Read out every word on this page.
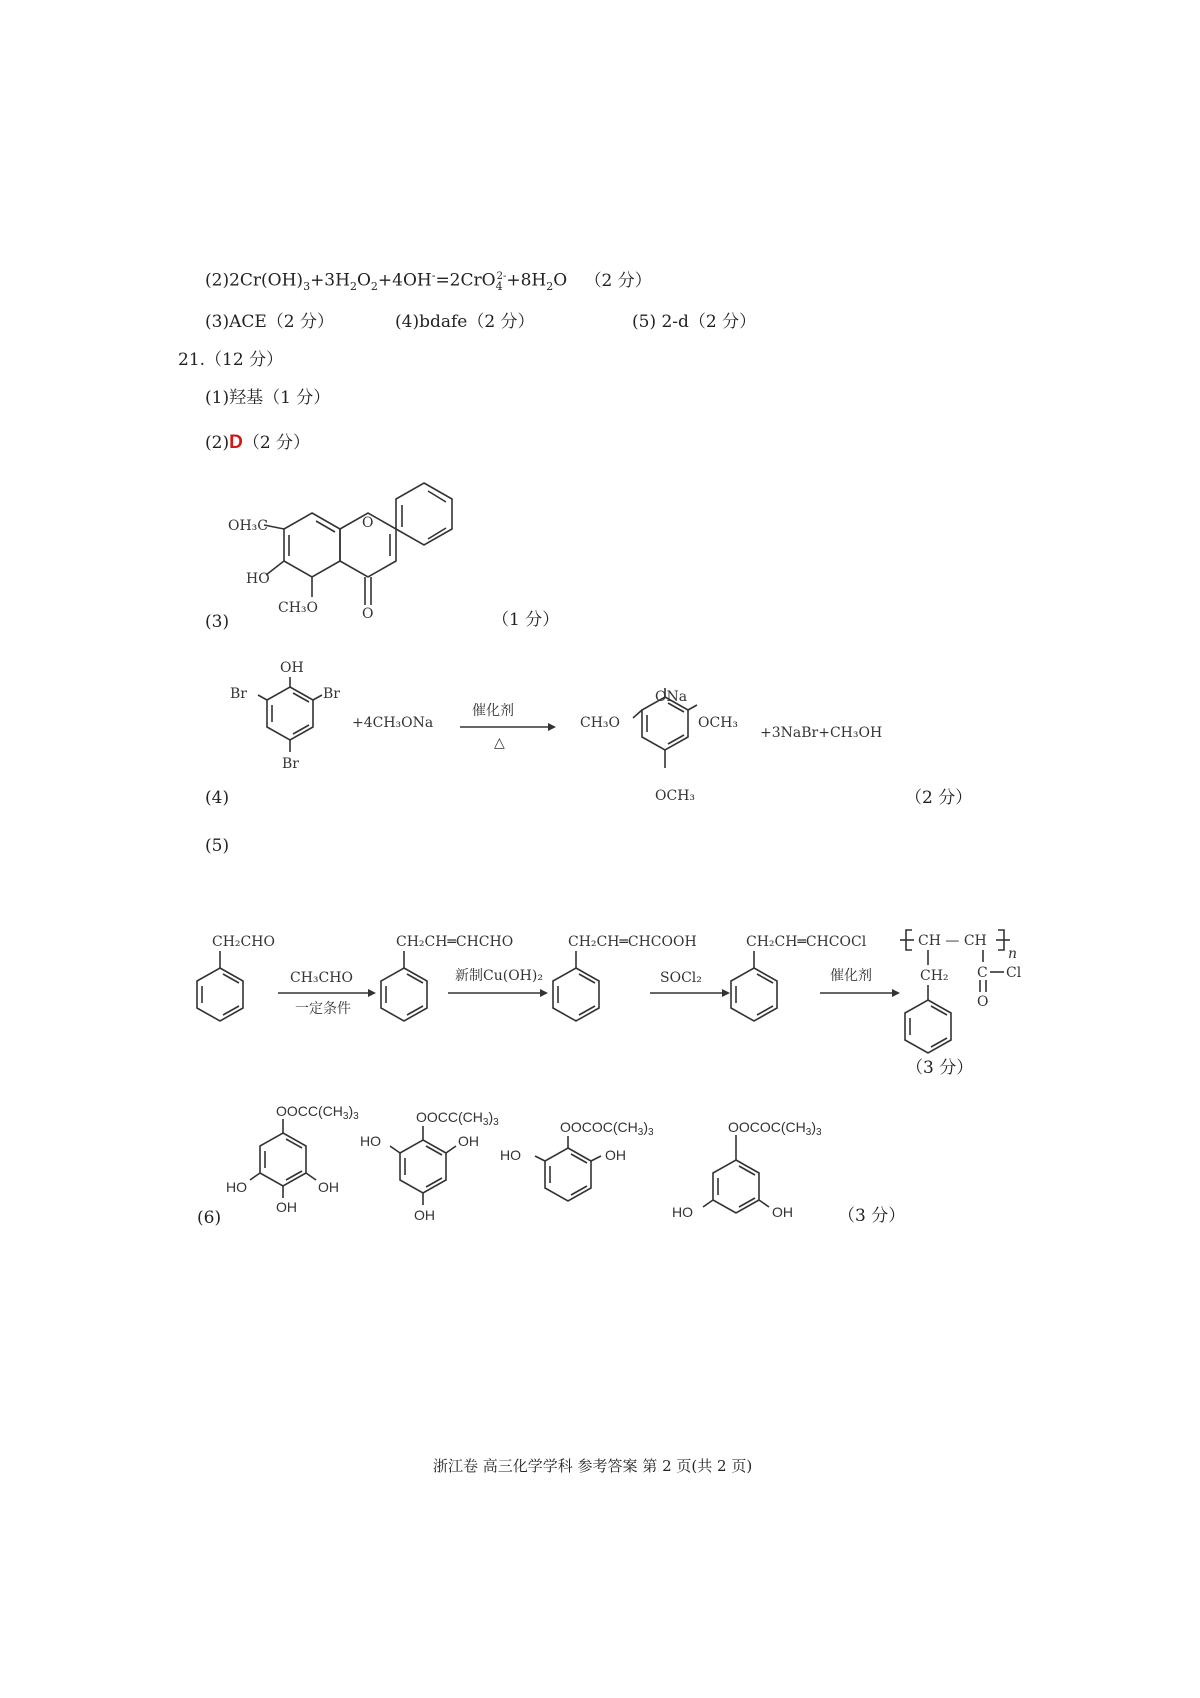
$(2)2Cr(OH)_3+3H_2O_2+4OH^-=2CrO_4^{2-}+8H_2O$ （2 分）
(3)ACE（2 分）	(4)bdafe（2 分）	(5) 2-d（2 分）
21.（12 分）
(1)羟基（1 分）
(2)D（2 分）
(3)	（1 分）
(4)	（2 分）
(5)
（3 分）
(6)	（3 分）
浙江卷 高三化学学科 参考答案 第 2 页(共 2 页)
OH₃C
HO
CH₃O
O
O
OH
Br	Br
Br
+4CH₃ONa
催化剂
△
ONa
CH₃O	OCH₃
OCH₃
+3NaBr+CH₃OH
CH₂CHO
CH₃CHO
一定条件
CH₂CH═CHCHO
新制Cu(OH)₂
CH₂CH═CHCOOH
SOCl₂
CH₂CH═CHCOCl
催化剂
CH — CH
n
CH₂ C Cl
O
$OOCC(CH_3)_3$
HO	OH
OH
$OOCC(CH_3)_3$
HO	OH
OH
$OOCOC(CH_3)_3$
HO	OH
$OOCOC(CH_3)_3$
HO	OH
